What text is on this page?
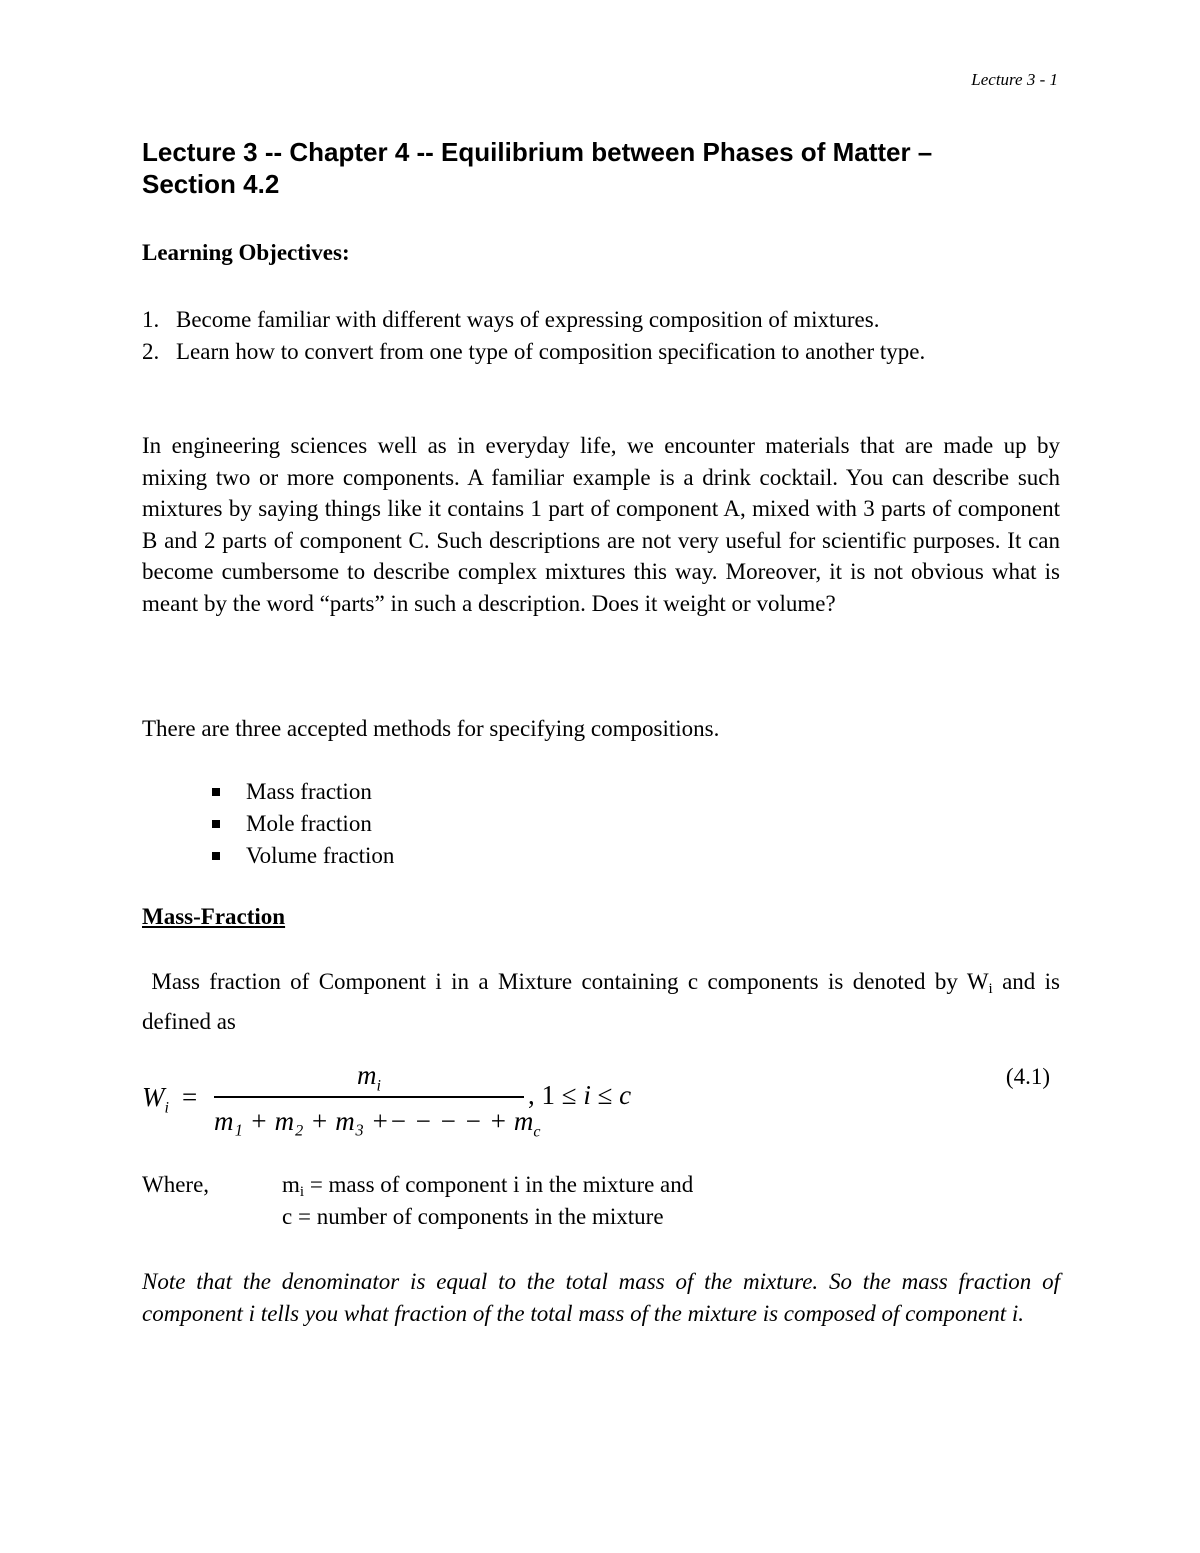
Lecture 3 - 1
Lecture 3 -- Chapter 4 -- Equilibrium between Phases of Matter –
Section 4.2
Learning Objectives:
1. Become familiar with different ways of expressing composition of mixtures.
2. Learn how to convert from one type of composition specification to another type.

In engineering sciences well as in everyday life, we encounter materials that are made up by mixing two or more components. A familiar example is a drink cocktail. You can describe such mixtures by saying things like it contains 1 part of component A, mixed with 3 parts of component B and 2 parts of component C. Such descriptions are not very useful for scientific purposes. It can become cumbersome to describe complex mixtures this way. Moreover, it is not obvious what is meant by the word “parts” in such a description. Does it weight or volume?

There are three accepted methods for specifying compositions.

Mass fraction
Mole fraction
Volume fraction
Mass-Fraction

Mass fraction of Component i in a Mixture containing c components is denoted by $W_i$ and is defined as

$W_i$ =
$m_i$
m₁ + m₂ + m₃ +− − − − + $m_c$
, 1 ≤ i ≤ c
(4.1)
Where,	$m_i$ = mass of component i in the mixture and
c = number of components in the mixture

Note that the denominator is equal to the total mass of the mixture. So the mass fraction of component i tells you what fraction of the total mass of the mixture is composed of component i.
